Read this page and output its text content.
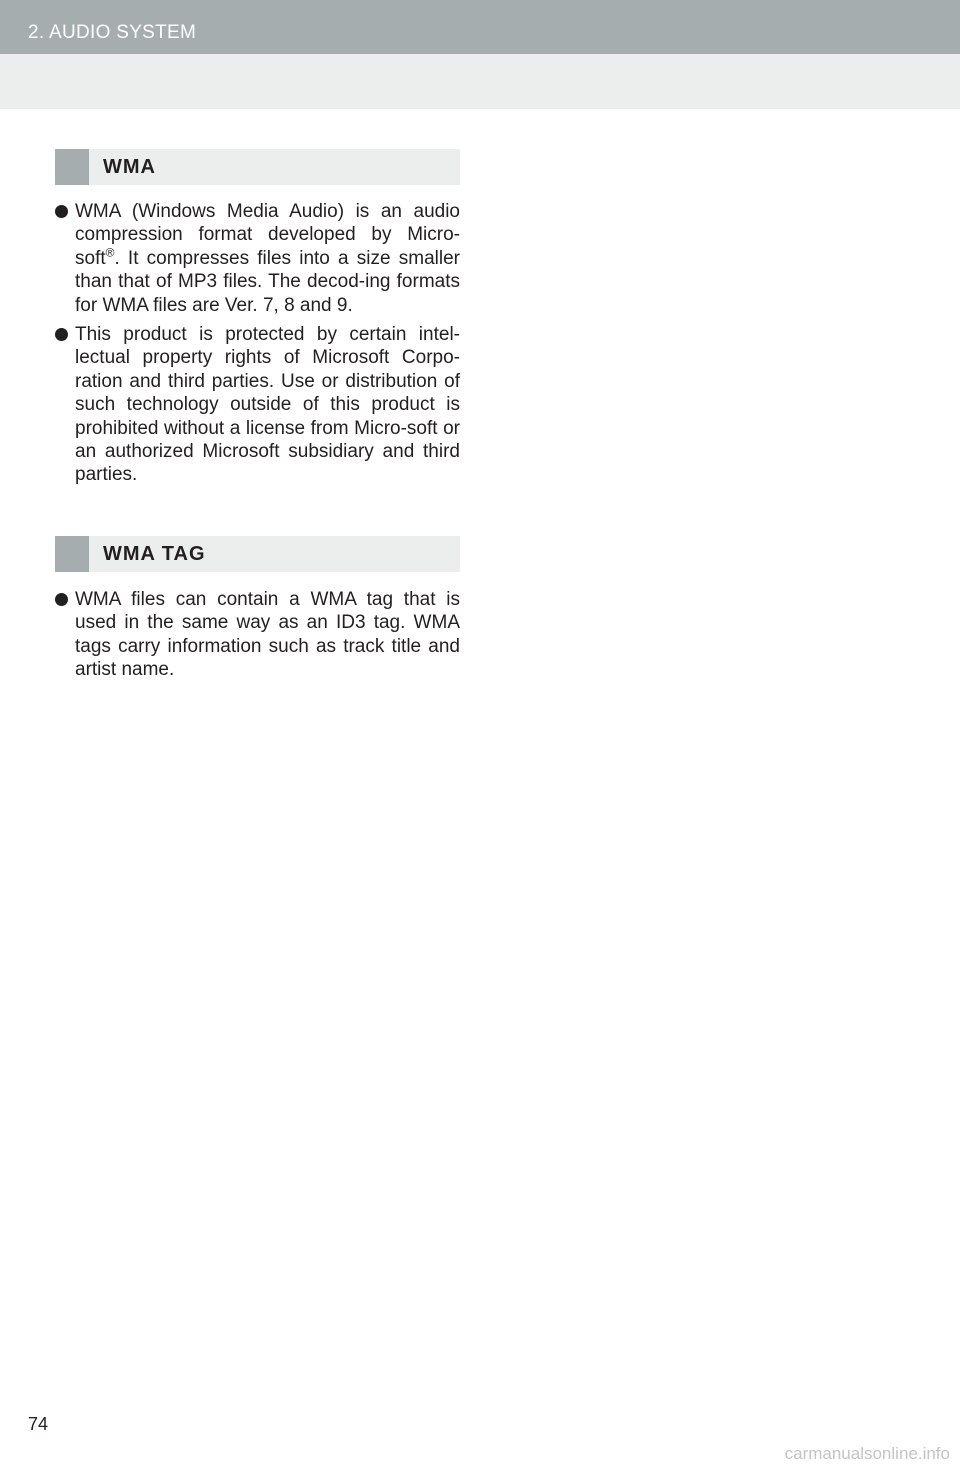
2. AUDIO SYSTEM
WMA
WMA (Windows Media Audio) is an audio compression format developed by Micro-soft®. It compresses files into a size smaller than that of MP3 files. The decod-ing formats for WMA files are Ver. 7, 8 and 9.
This product is protected by certain intel-lectual property rights of Microsoft Corpo-ration and third parties. Use or distribution of such technology outside of this product is prohibited without a license from Micro-soft or an authorized Microsoft subsidiary and third parties.
WMA TAG
WMA files can contain a WMA tag that is used in the same way as an ID3 tag. WMA tags carry information such as track title and artist name.
74
carmanualsonline.info
